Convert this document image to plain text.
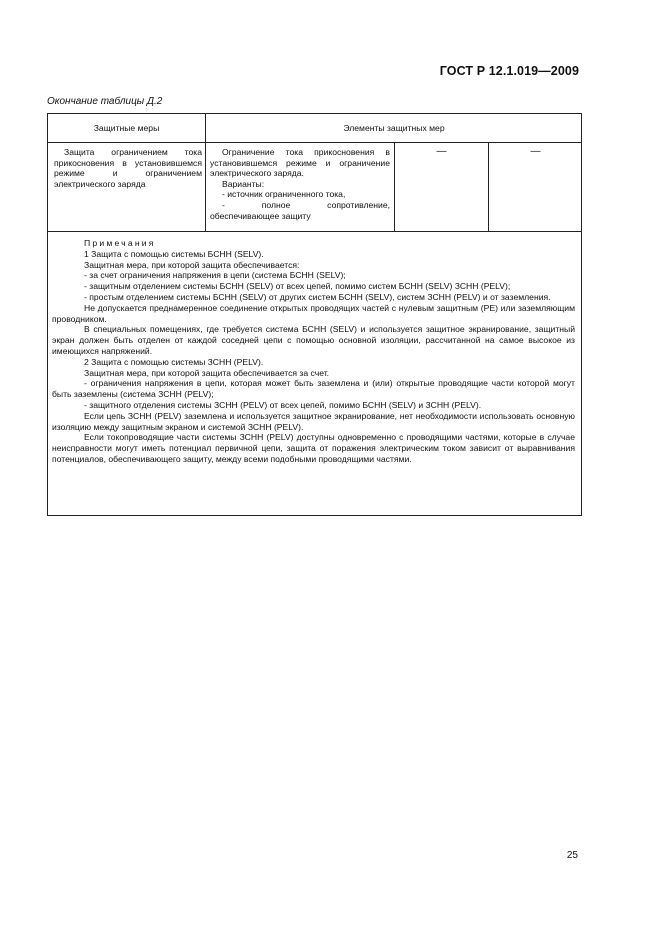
ГОСТ Р 12.1.019—2009
Окончание таблицы Д.2
Защитные меры	Элементы защитных мер
Защита ограничением тока прикосновения в установившемся режиме и ограничением электрического заряда
Ограничение тока прикосновения в установившемся режиме и ограничение электрического заряда.
Варианты:
- источник ограниченного тока,
- полное сопротивление, обеспечивающее защиту
—	—

Примечания

1 Защита с помощью системы БСНН (SELV).

Защитная мера, при которой защита обеспечивается:

- за счет ограничения напряжения в цепи (система БСНН (SELV);

- защитным отделением системы БСНН (SELV) от всех цепей, помимо систем БСНН (SELV) ЗСНН (PELV);

- простым отделением системы БСНН (SELV) от других систем БСНН (SELV), систем ЗСНН (PELV) и от заземления.

Не допускается преднамеренное соединение открытых проводящих частей с нулевым защитным (PE) или заземляющим проводником.

В специальных помещениях, где требуется система БСНН (SELV) и используется защитное экранирование, защитный экран должен быть отделен от каждой соседней цепи с помощью основной изоляции, рассчитанной на самое высокое из имеющихся напряжений.

2 Защита с помощью системы ЗСНН (PELV).

Защитная мера, при которой защита обеспечивается за счет.

- ограничения напряжения в цепи, которая может быть заземлена и (или) открытые проводящие части которой могут быть заземлены (система ЗСНН (PELV);

- защитного отделения системы ЗСНН (PELV) от всех цепей, помимо БСНН (SELV) и ЗСНН (PELV).

Если цепь ЗСНН (PELV) заземлена и используется защитное экранирование, нет необходимости использовать основную изоляцию между защитным экраном и системой ЗСНН (PELV).

Если токопроводящие части системы ЗСНН (PELV) доступны одновременно с проводящими частями, которые в случае неисправности могут иметь потенциал первичной цепи, защита от поражения электрическим током зависит от выравнивания потенциалов, обеспечивающего защиту, между всеми подобными проводящими частями.

25
